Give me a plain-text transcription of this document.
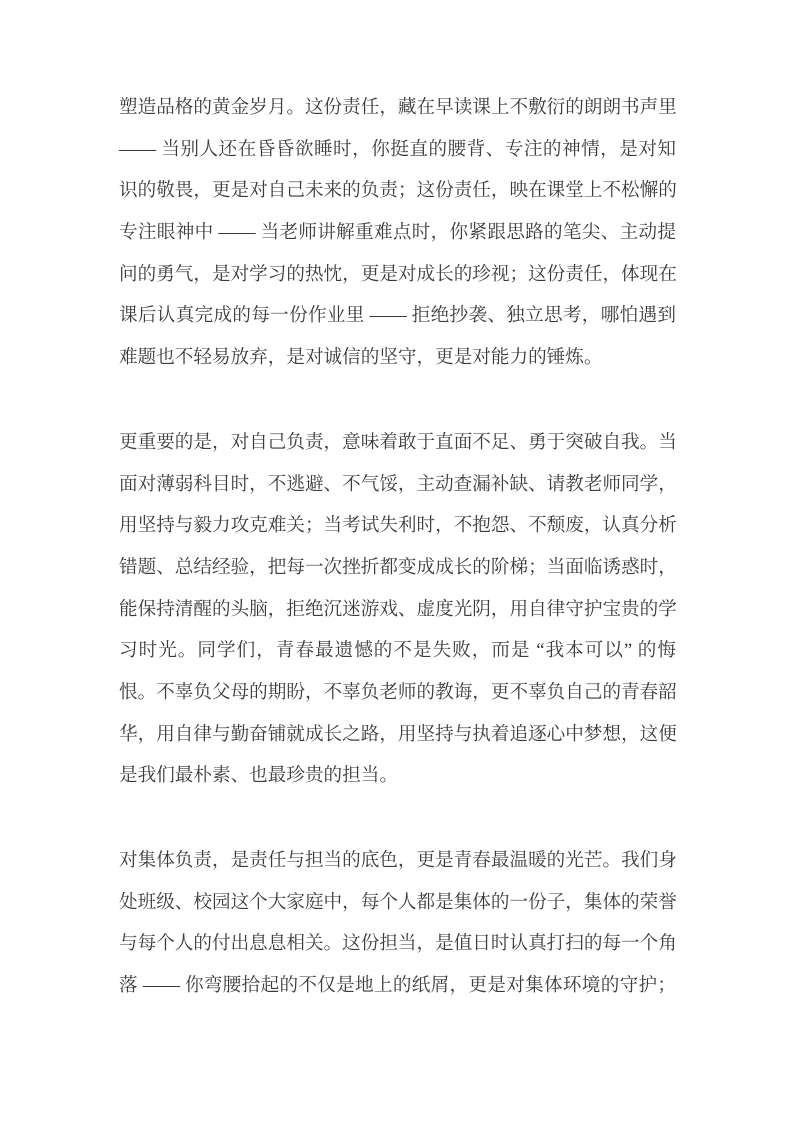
塑造品格的黄金岁月。这份责任，藏在早读课上不敷衍的朗朗书声里
—— 当别人还在昏昏欲睡时，你挺直的腰背、专注的神情，是对知
识的敬畏，更是对自己未来的负责；这份责任，映在课堂上不松懈的
专注眼神中 —— 当老师讲解重难点时，你紧跟思路的笔尖、主动提
问的勇气，是对学习的热忱，更是对成长的珍视；这份责任，体现在
课后认真完成的每一份作业里 —— 拒绝抄袭、独立思考，哪怕遇到
难题也不轻易放弃，是对诚信的坚守，更是对能力的锤炼。
更重要的是，对自己负责，意味着敢于直面不足、勇于突破自我。当
面对薄弱科目时，不逃避、不气馁，主动查漏补缺、请教老师同学，
用坚持与毅力攻克难关；当考试失利时，不抱怨、不颓废，认真分析
错题、总结经验，把每一次挫折都变成成长的阶梯；当面临诱惑时，
能保持清醒的头脑，拒绝沉迷游戏、虚度光阴，用自律守护宝贵的学
习时光。同学们，青春最遗憾的不是失败，而是 “我本可以” 的悔
恨。不辜负父母的期盼，不辜负老师的教诲，更不辜负自己的青春韶
华，用自律与勤奋铺就成长之路，用坚持与执着追逐心中梦想，这便
是我们最朴素、也最珍贵的担当。
对集体负责，是责任与担当的底色，更是青春最温暖的光芒。我们身
处班级、校园这个大家庭中，每个人都是集体的一份子，集体的荣誉
与每个人的付出息息相关。这份担当，是值日时认真打扫的每一个角
落 —— 你弯腰拾起的不仅是地上的纸屑，更是对集体环境的守护；
